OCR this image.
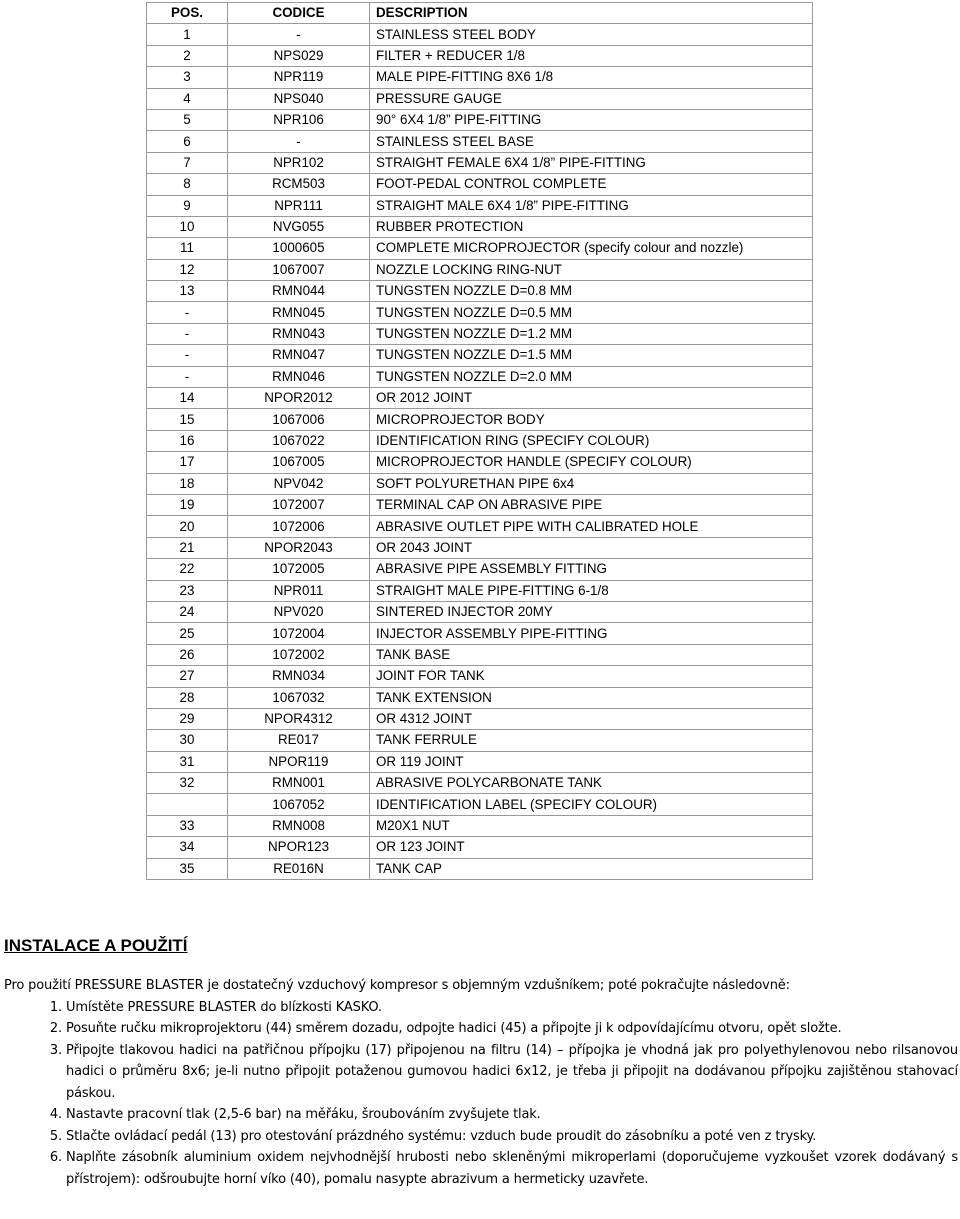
POS.	CODICE	DESCRIPTION
1	-	STAINLESS STEEL BODY
2	NPS029	FILTER + REDUCER 1/8
3	NPR119	MALE PIPE-FITTING 8X6 1/8
4	NPS040	PRESSURE GAUGE
5	NPR106	90° 6X4 1/8” PIPE-FITTING
6	-	STAINLESS STEEL BASE
7	NPR102	STRAIGHT FEMALE 6X4 1/8” PIPE-FITTING
8	RCM503	FOOT-PEDAL CONTROL COMPLETE
9	NPR111	STRAIGHT MALE 6X4 1/8” PIPE-FITTING
10	NVG055	RUBBER PROTECTION
11	1000605	COMPLETE MICROPROJECTOR (specify colour and nozzle)
12	1067007	NOZZLE LOCKING RING-NUT
13	RMN044	TUNGSTEN NOZZLE D=0.8 MM
-	RMN045	TUNGSTEN NOZZLE D=0.5 MM
-	RMN043	TUNGSTEN NOZZLE D=1.2 MM
-	RMN047	TUNGSTEN NOZZLE D=1.5 MM
-	RMN046	TUNGSTEN NOZZLE D=2.0 MM
14	NPOR2012	OR 2012 JOINT
15	1067006	MICROPROJECTOR BODY
16	1067022	IDENTIFICATION RING (SPECIFY COLOUR)
17	1067005	MICROPROJECTOR HANDLE (SPECIFY COLOUR)
18	NPV042	SOFT POLYURETHAN PIPE 6x4
19	1072007	TERMINAL CAP ON ABRASIVE PIPE
20	1072006	ABRASIVE OUTLET PIPE WITH CALIBRATED HOLE
21	NPOR2043	OR 2043 JOINT
22	1072005	ABRASIVE PIPE ASSEMBLY FITTING
23	NPR011	STRAIGHT MALE PIPE-FITTING 6-1/8
24	NPV020	SINTERED INJECTOR 20MY
25	1072004	INJECTOR ASSEMBLY PIPE-FITTING
26	1072002	TANK BASE
27	RMN034	JOINT FOR TANK
28	1067032	TANK EXTENSION
29	NPOR4312	OR 4312 JOINT
30	RE017	TANK FERRULE
31	NPOR119	OR 119 JOINT
32	RMN001	ABRASIVE POLYCARBONATE TANK
	1067052	IDENTIFICATION LABEL (SPECIFY COLOUR)
33	RMN008	M20X1 NUT
34	NPOR123	OR 123 JOINT
35	RE016N	TANK CAP
INSTALACE A POUŽITÍ

Pro použití PRESSURE BLASTER je dostatečný vzduchový kompresor s objemným vzdušníkem; poté pokračujte následovně:

1. Umístěte PRESSURE BLASTER do blízkosti KASKO.
2. Posuňte ručku mikroprojektoru (44) směrem dozadu, odpojte hadici (45) a připojte ji k odpovídajícímu otvoru, opět složte.
3. Připojte tlakovou hadici na patřičnou přípojku (17) připojenou na filtru (14) – přípojka je vhodná jak pro polyethylenovou nebo rilsanovou hadici o průměru 8x6; je-li nutno připojit potaženou gumovou hadici 6x12, je třeba ji připojit na dodávanou přípojku zajištěnou stahovací páskou.
4. Nastavte pracovní tlak (2,5-6 bar) na měřáku, šroubováním zvyšujete tlak.
5. Stlačte ovládací pedál (13) pro otestování prázdného systému: vzduch bude proudit do zásobníku a poté ven z trysky.
6. Naplňte zásobník aluminium oxidem nejvhodnější hrubosti nebo skleněnými mikroperlami (doporučujeme vyzkoušet vzorek dodávaný s přístrojem): odšroubujte horní víko (40), pomalu nasypte abrazivum a hermeticky uzavřete.
